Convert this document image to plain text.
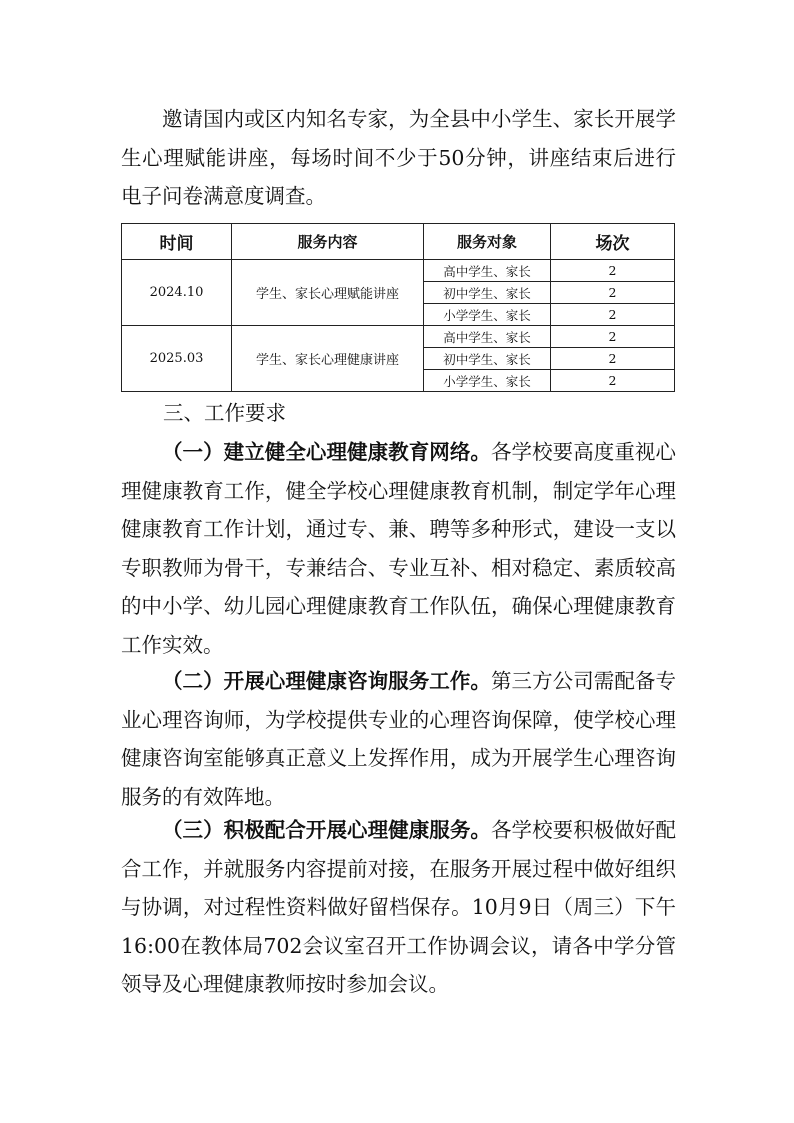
邀请国内或区内知名专家，为全县中小学生、家长开展学生心理赋能讲座，每场时间不少于50分钟，讲座结束后进行电子问卷满意度调查。

时间	服务内容	服务对象	场次
2024.10	学生、家长心理赋能讲座	高中学生、家长	2
		初中学生、家长	2
		小学学生、家长	2
2025.03	学生、家长心理健康讲座	高中学生、家长	2
		初中学生、家长	2
		小学学生、家长	2

三、工作要求

（一）建立健全心理健康教育网络。各学校要高度重视心理健康教育工作，健全学校心理健康教育机制，制定学年心理健康教育工作计划，通过专、兼、聘等多种形式，建设一支以专职教师为骨干，专兼结合、专业互补、相对稳定、素质较高的中小学、幼儿园心理健康教育工作队伍，确保心理健康教育工作实效。

（二）开展心理健康咨询服务工作。第三方公司需配备专业心理咨询师，为学校提供专业的心理咨询保障，使学校心理健康咨询室能够真正意义上发挥作用，成为开展学生心理咨询服务的有效阵地。

（三）积极配合开展心理健康服务。各学校要积极做好配合工作，并就服务内容提前对接，在服务开展过程中做好组织与协调，对过程性资料做好留档保存。10月9日（周三）下午16:00在教体局702会议室召开工作协调会议，请各中学分管领导及心理健康教师按时参加会议。
